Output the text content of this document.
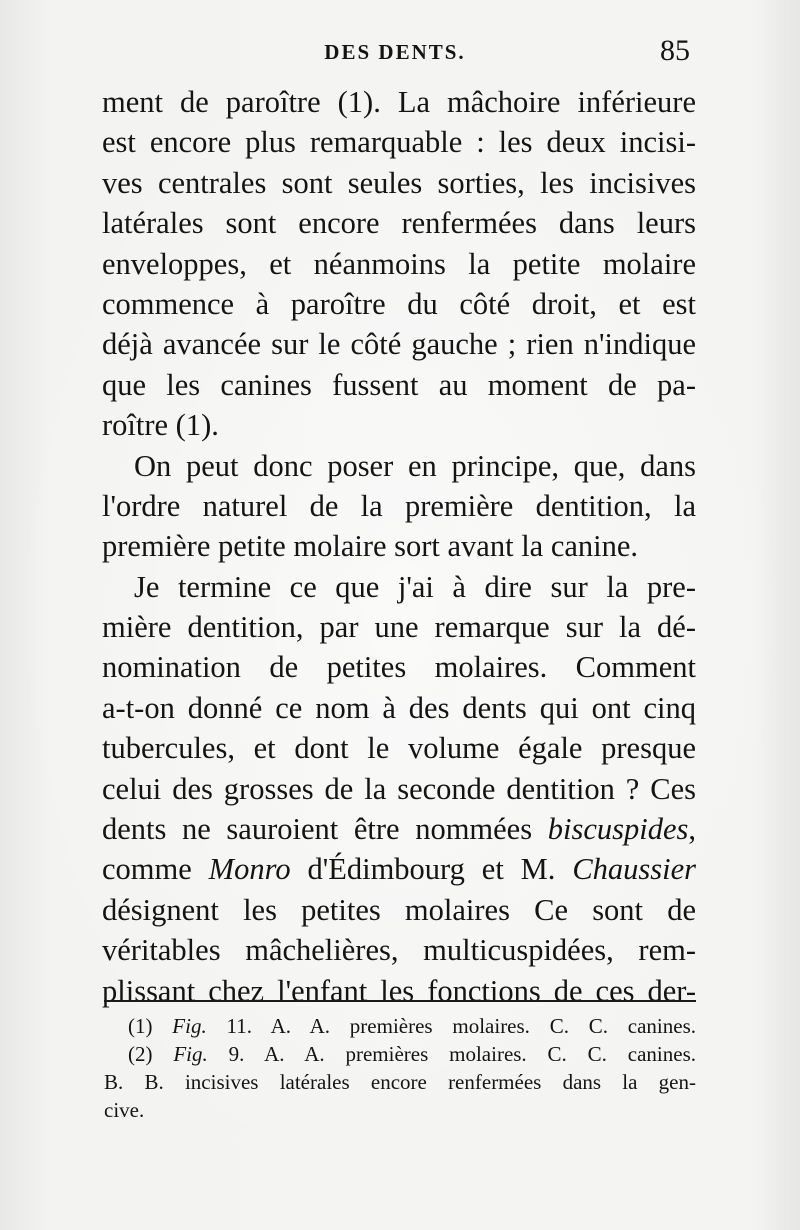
DES DENTS.	85
ment de paroître (1). La mâchoire inférieure
est encore plus remarquable : les deux incisi-
ves centrales sont seules sorties, les incisives
latérales sont encore renfermées dans leurs
enveloppes, et néanmoins la petite molaire
commence à paroître du côté droit, et est
déjà avancée sur le côté gauche ; rien n'indique
que les canines fussent au moment de pa-
roître (1).
On peut donc poser en principe, que, dans
l'ordre naturel de la première dentition, la
première petite molaire sort avant la canine.
Je termine ce que j'ai à dire sur la pre-
mière dentition, par une remarque sur la dé-
nomination de petites molaires. Comment
a-t-on donné ce nom à des dents qui ont cinq
tubercules, et dont le volume égale presque
celui des grosses de la seconde dentition ? Ces
dents ne sauroient être nommées biscuspides,
comme Monro d'Édimbourg et M. Chaussier
désignent les petites molaires Ce sont de
véritables mâchelières, multicuspidées, rem-
plissant chez l'enfant les fonctions de ces der-
(1) Fig. 11. A. A. premières molaires. C. C. canines.
(2) Fig. 9. A. A. premières molaires. C. C. canines.
B. B. incisives latérales encore renfermées dans la gen-
cive.
